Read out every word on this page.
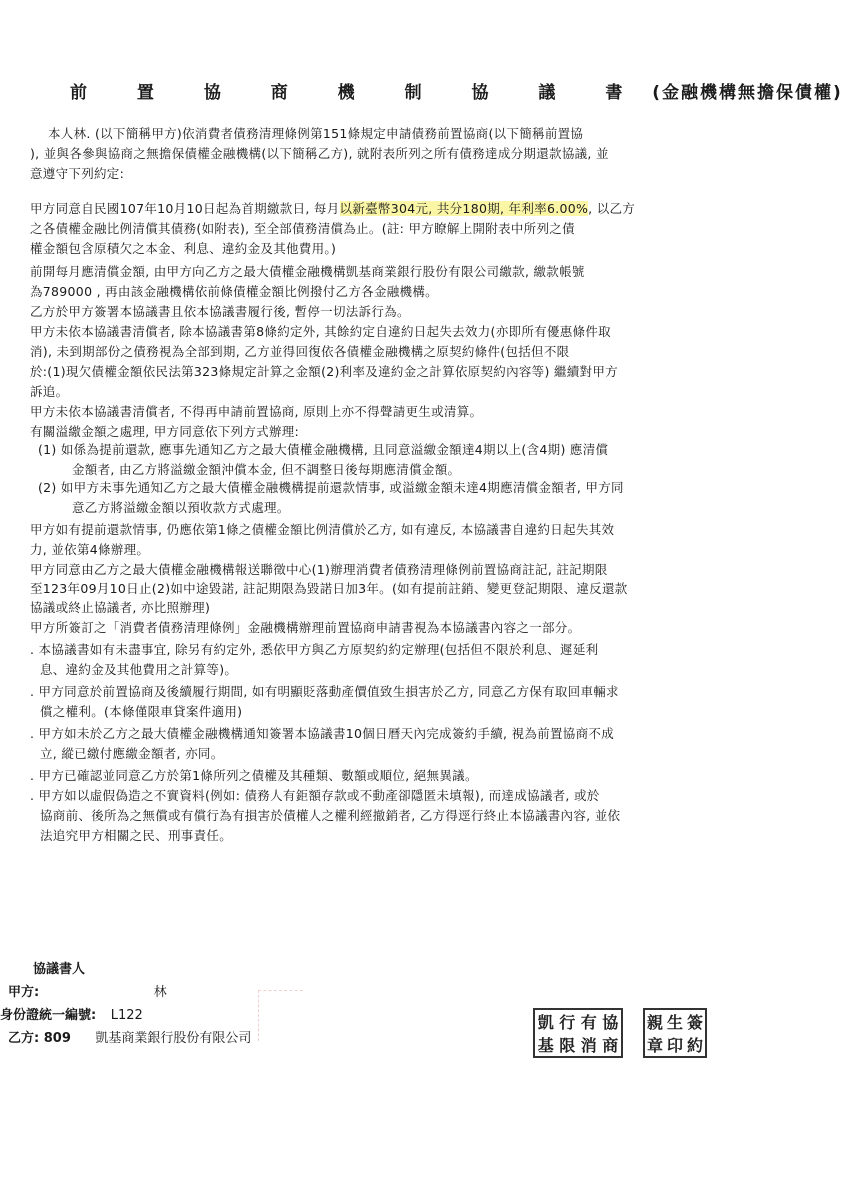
前 置 協 商 機 制 協 議 書 (金融機構無擔保債權)
本人林. (以下簡稱甲方)依消費者債務清理條例第151條規定申請債務前置協商(以下簡稱前置協
), 並與各參與協商之無擔保債權金融機構(以下簡稱乙方), 就附表所列之所有債務達成分期還款協議, 並
意遵守下列約定:
甲方同意自民國107年10月10日起為首期繳款日, 每月以新臺幣304元, 共分180期, 年利率6.00%, 以乙方
之各債權金融比例清償其債務(如附表), 至全部債務清償為止。(註: 甲方瞭解上開附表中所列之債
權金額包含原積欠之本金、利息、違約金及其他費用。)
前開每月應清償金額, 由甲方向乙方之最大債權金融機構凱基商業銀行股份有限公司繳款, 繳款帳號
為789000 , 再由該金融機構依前條債權金額比例撥付乙方各金融機構。
乙方於甲方簽署本協議書且依本協議書履行後, 暫停一切法訴行為。
甲方未依本協議書清償者, 除本協議書第8條約定外, 其餘約定自違約日起失去效力(亦即所有優惠條件取
消), 未到期部份之債務視為全部到期, 乙方並得回復依各債權金融機構之原契約條件(包括但不限
於:(1)現欠債權金額依民法第323條規定計算之金額(2)利率及違約金之計算依原契約內容等) 繼續對甲方
訴追。
甲方未依本協議書清償者, 不得再申請前置協商, 原則上亦不得聲請更生或清算。
有關溢繳金額之處理, 甲方同意依下列方式辦理:
(1) 如係為提前還款, 應事先通知乙方之最大債權金融機構, 且同意溢繳金額達4期以上(含4期) 應清償
金額者, 由乙方將溢繳金額沖償本金, 但不調整日後每期應清償金額。
(2) 如甲方未事先通知乙方之最大債權金融機構提前還款情事, 或溢繳金額未達4期應清償金額者, 甲方同
意乙方將溢繳金額以預收款方式處理。
甲方如有提前還款情事, 仍應依第1條之債權金額比例清償於乙方, 如有違反, 本協議書自違約日起失其效
力, 並依第4條辦理。
甲方同意由乙方之最大債權金融機構報送聯徵中心(1)辦理消費者債務清理條例前置協商註記, 註記期限
至123年09月10日止(2)如中途毀諾, 註記期限為毀諾日加3年。(如有提前註銷、變更登記期限、違反還款
協議或終止協議者, 亦比照辦理)
甲方所簽訂之「消費者債務清理條例」金融機構辦理前置協商申請書視為本協議書內容之一部分。
. 本協議書如有未盡事宜, 除另有約定外, 悉依甲方與乙方原契約約定辦理(包括但不限於利息、遲延利
息、違約金及其他費用之計算等)。
. 甲方同意於前置協商及後續履行期間, 如有明顯貶落動產價值致生損害於乙方, 同意乙方保有取回車輛求
償之權利。(本條僅限車貸案件適用)
. 甲方如未於乙方之最大債權金融機構通知簽署本協議書10個日曆天內完成簽約手續, 視為前置協商不成
立, 縱已繳付應繳金額者, 亦同。
. 甲方已確認並同意乙方於第1條所列之債權及其種類、數額或順位, 絕無異議。
. 甲方如以虛假偽造之不實資料(例如: 債務人有鉅額存款或不動產卻隱匿未填報), 而達成協議者, 或於
協商前、後所為之無償或有償行為有損害於債權人之權利經撤銷者, 乙方得逕行終止本協議書內容, 並依
法追究甲方相關之民、刑事責任。
協議書人
甲方:	林
身份證統一編號: L122
乙方: 809 凱基商業銀行股份有限公司
凱 行 有 協
基 限 消 商
親 生 簽
章 印 約
